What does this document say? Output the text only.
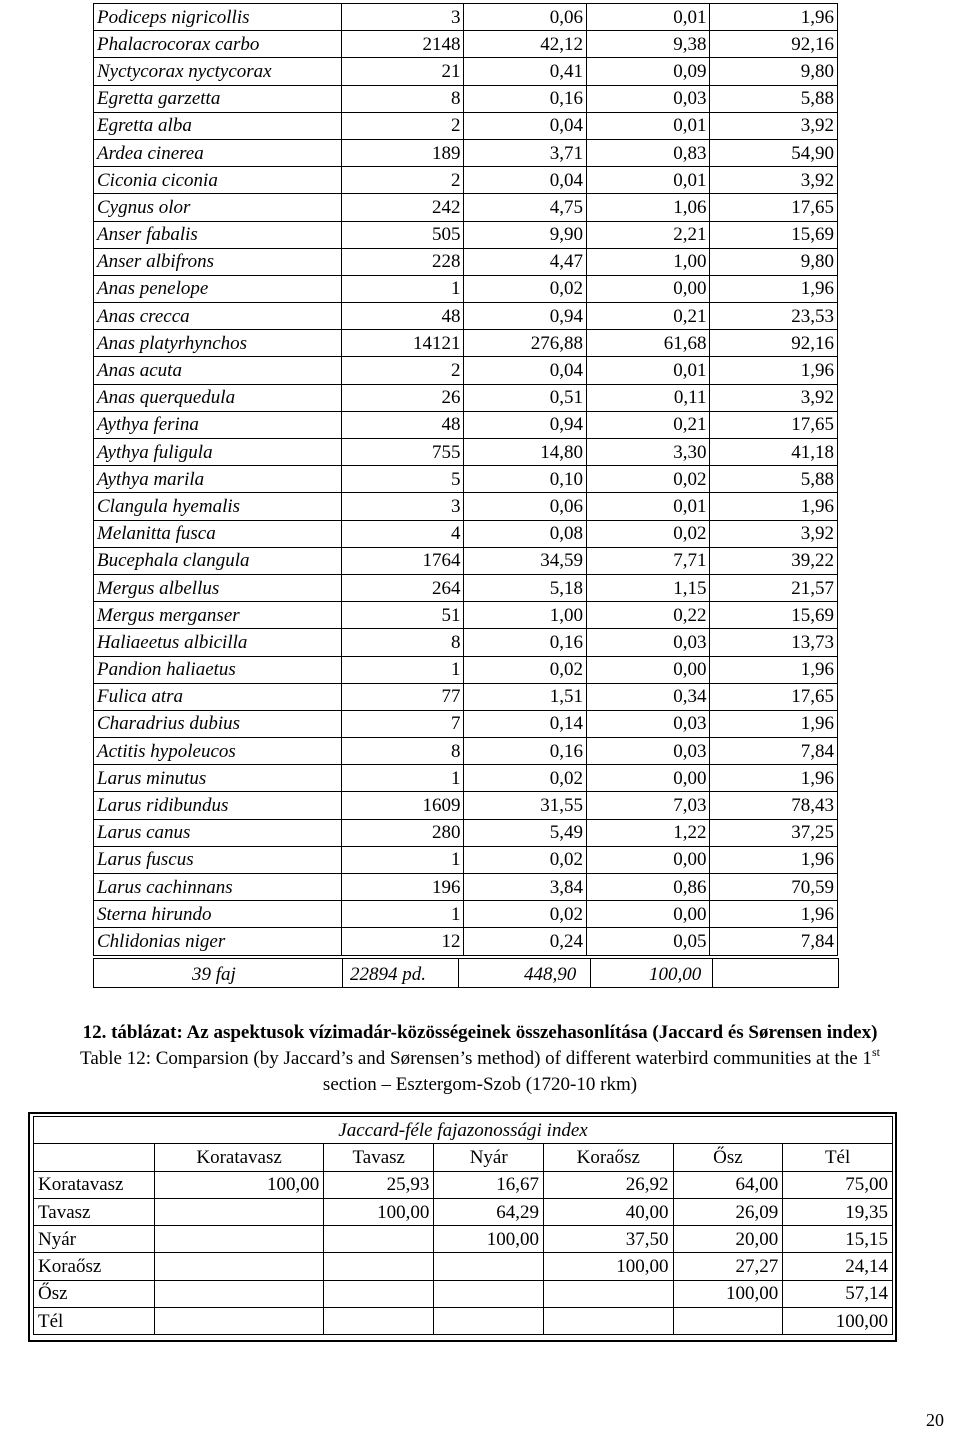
Podiceps nigricollis	3	0,06	0,01	1,96
Phalacrocorax carbo	2148	42,12	9,38	92,16
Nyctycorax nyctycorax	21	0,41	0,09	9,80
Egretta garzetta	8	0,16	0,03	5,88
Egretta alba	2	0,04	0,01	3,92
Ardea cinerea	189	3,71	0,83	54,90
Ciconia ciconia	2	0,04	0,01	3,92
Cygnus olor	242	4,75	1,06	17,65
Anser fabalis	505	9,90	2,21	15,69
Anser albifrons	228	4,47	1,00	9,80
Anas penelope	1	0,02	0,00	1,96
Anas crecca	48	0,94	0,21	23,53
Anas platyrhynchos	14121	276,88	61,68	92,16
Anas acuta	2	0,04	0,01	1,96
Anas querquedula	26	0,51	0,11	3,92
Aythya ferina	48	0,94	0,21	17,65
Aythya fuligula	755	14,80	3,30	41,18
Aythya marila	5	0,10	0,02	5,88
Clangula hyemalis	3	0,06	0,01	1,96
Melanitta fusca	4	0,08	0,02	3,92
Bucephala clangula	1764	34,59	7,71	39,22
Mergus albellus	264	5,18	1,15	21,57
Mergus merganser	51	1,00	0,22	15,69
Haliaeetus albicilla	8	0,16	0,03	13,73
Pandion haliaetus	1	0,02	0,00	1,96
Fulica atra	77	1,51	0,34	17,65
Charadrius dubius	7	0,14	0,03	1,96
Actitis hypoleucos	8	0,16	0,03	7,84
Larus minutus	1	0,02	0,00	1,96
Larus ridibundus	1609	31,55	7,03	78,43
Larus canus	280	5,49	1,22	37,25
Larus fuscus	1	0,02	0,00	1,96
Larus cachinnans	196	3,84	0,86	70,59
Sterna hirundo	1	0,02	0,00	1,96
Chlidonias niger	12	0,24	0,05	7,84
39 faj	22894 pd.	448,90	100,00
12. táblázat: Az aspektusok vízimadár-közösségeinek összehasonlítása (Jaccard és Sørensen index)
Table 12: Comparsion (by Jaccard’s and Sørensen’s method) of different waterbird communities at the 1st
section – Esztergom-Szob (1720-10 rkm)
Jaccard-féle fajazonossági index						
	Koratavasz	Tavasz	Nyár	Koraősz	Ősz	Tél
Koratavasz	100,00	25,93	16,67	26,92	64,00	75,00
Tavasz		100,00	64,29	40,00	26,09	19,35
Nyár			100,00	37,50	20,00	15,15
Koraősz				100,00	27,27	24,14
Ősz					100,00	57,14
Tél						100,00
20
